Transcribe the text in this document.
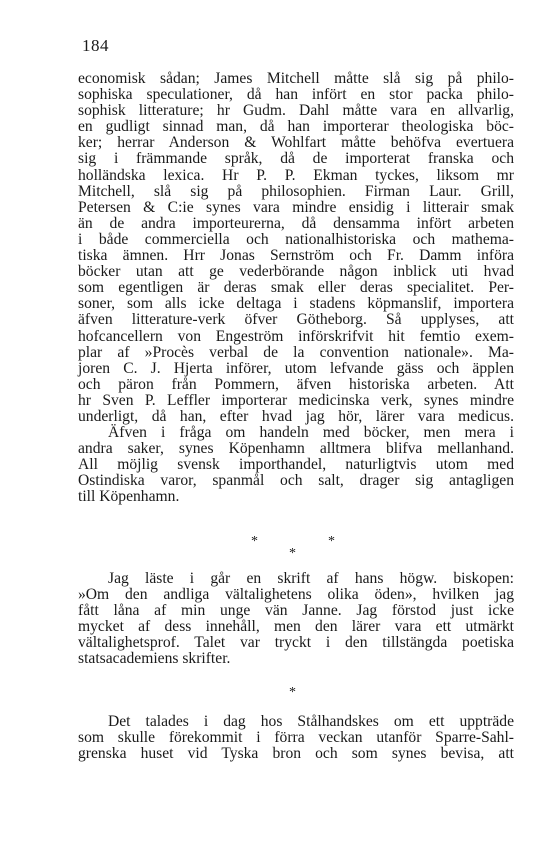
184
economisk sådan; James Mitchell måtte slå sig på philo-
sophiska speculationer, då han infört en stor packa philo-
sophisk litterature; hr Gudm. Dahl måtte vara en allvarlig,
en gudligt sinnad man, då han importerar theologiska böc-
ker; herrar Anderson & Wohlfart måtte behöfva evertuera
sig i främmande språk, då de importerat franska och
holländska lexica. Hr P. P. Ekman tyckes, liksom mr
Mitchell, slå sig på philosophien. Firman Laur. Grill,
Petersen & C:ie synes vara mindre ensidig i litterair smak
än de andra importeurerna, då densamma infört arbeten
i både commerciella och nationalhistoriska och mathema-
tiska ämnen. Hrr Jonas Sernström och Fr. Damm införa
böcker utan att ge vederbörande någon inblick uti hvad
som egentligen är deras smak eller deras specialitet. Per-
soner, som alls icke deltaga i stadens köpmanslif, importera
äfven litterature-verk öfver Götheborg. Så upplyses, att
hofcancellern von Engeström införskrifvit hit femtio exem-
plar af »Procès verbal de la convention nationale». Ma-
joren C. J. Hjerta införer, utom lefvande gäss och äpplen
och päron från Pommern, äfven historiska arbeten. Att
hr Sven P. Leffler importerar medicinska verk, synes mindre
underligt, då han, efter hvad jag hör, lärer vara medicus.
Äfven i fråga om handeln med böcker, men mera i
andra saker, synes Köpenhamn alltmera blifva mellanhand.
All möjlig svensk importhandel, naturligtvis utom med
Ostindiska varor, spanmål och salt, drager sig antagligen
till Köpenhamn.
*	*
*
Jag läste i går en skrift af hans högw. biskopen:
»Om den andliga vältalighetens olika öden», hvilken jag
fått låna af min unge vän Janne. Jag förstod just icke
mycket af dess innehåll, men den lärer vara ett utmärkt
vältalighetsprof. Talet var tryckt i den tillstängda poetiska
statsacademiens skrifter.
*
Det talades i dag hos Stålhandskes om ett uppträde
som skulle förekommit i förra veckan utanför Sparre-Sahl-
grenska huset vid Tyska bron och som synes bevisa, att
